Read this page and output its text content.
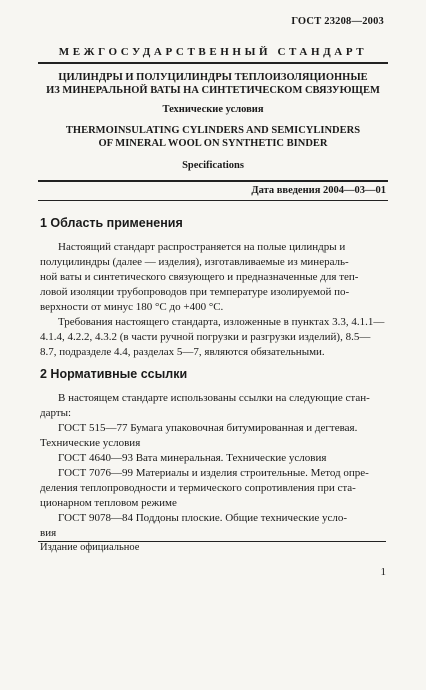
ГОСТ 23208—2003
МЕЖГОСУДАРСТВЕННЫЙ СТАНДАРТ
ЦИЛИНДРЫ И ПОЛУЦИЛИНДРЫ ТЕПЛОИЗОЛЯЦИОННЫЕ
ИЗ МИНЕРАЛЬНОЙ ВАТЫ НА СИНТЕТИЧЕСКОМ СВЯЗУЮЩЕМ
Технические условия
THERMOINSULATING CYLINDERS AND SEMICYLINDERS
OF MINERAL WOOL ON SYNTHETIC BINDER
Specifications
Дата введения 2004—03—01
1 Область применения

Настоящий стандарт распространяется на полые цилиндры и
полуцилиндры (далее — изделия), изготавливаемые из минераль-
ной ваты и синтетического связующего и предназначенные для теп-
ловой изоляции трубопроводов при температуре изолируемой по-
верхности от минус 180 °С до +400 °С.

Требования настоящего стандарта, изложенные в пунктах 3.3, 4.1.1—
4.1.4, 4.2.2, 4.3.2 (в части ручной погрузки и разгрузки изделий), 8.5—
8.7, подразделе 4.4, разделах 5—7, являются обязательными.

2 Нормативные ссылки

В настоящем стандарте использованы ссылки на следующие стан-
дарты:

ГОСТ 515—77 Бумага упаковочная битумированная и дегтевая.
Технические условия

ГОСТ 4640—93 Вата минеральная. Технические условия

ГОСТ 7076—99 Материалы и изделия строительные. Метод опре-
деления теплопроводности и термического сопротивления при ста-
ционарном тепловом режиме

ГОСТ 9078—84 Поддоны плоские. Общие технические усло-
вия

Издание официальное
1
